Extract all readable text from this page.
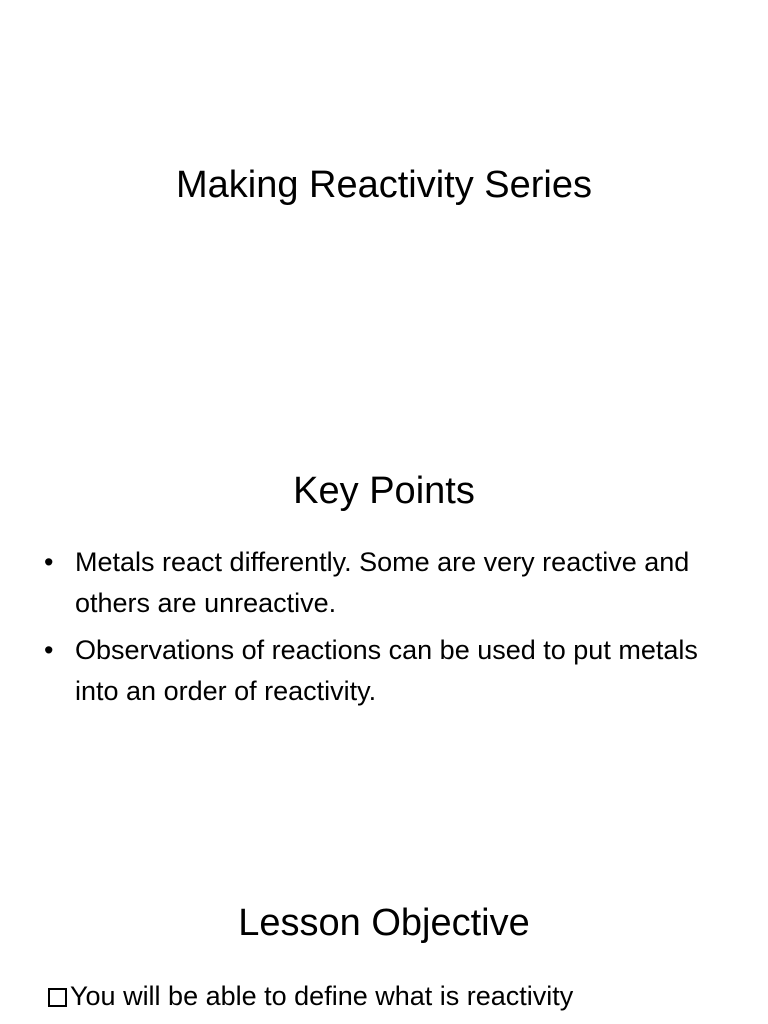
Making Reactivity Series
Key Points
• Metals react differently. Some are very reactive and others are unreactive.
• Observations of reactions can be used to put metals into an order of reactivity.
Lesson Objective
You will be able to define what is reactivity
